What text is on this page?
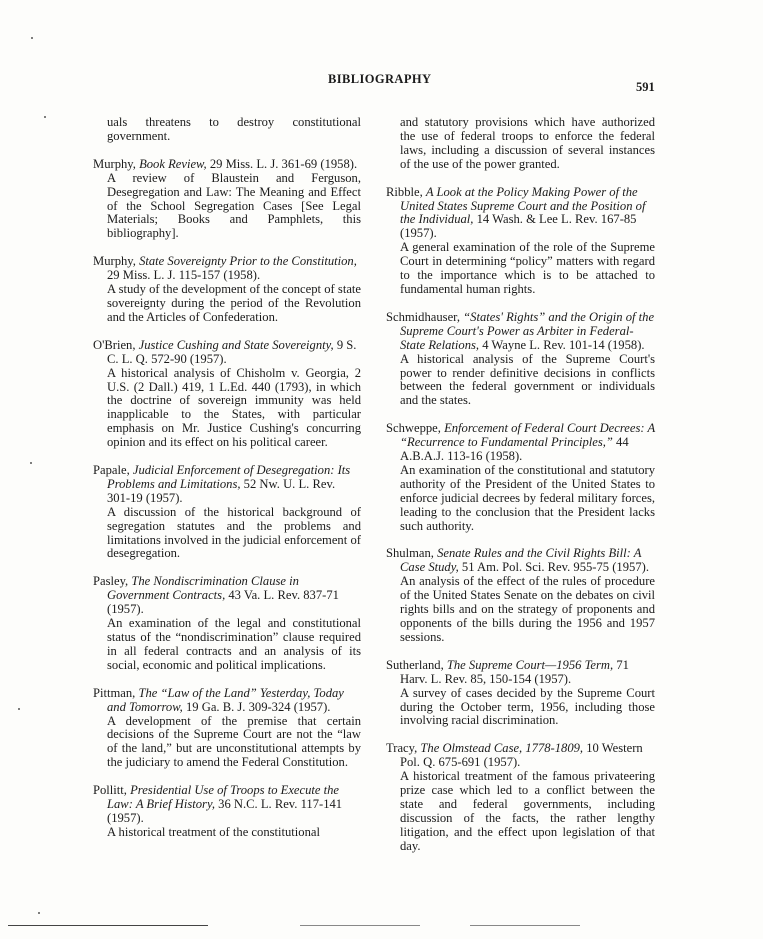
BIBLIOGRAPHY
591
uals threatens to destroy constitutional government.
Murphy, Book Review, 29 Miss. L. J. 361-69 (1958).
A review of Blaustein and Ferguson, Desegregation and Law: The Meaning and Effect of the School Segregation Cases [See Legal Materials; Books and Pamphlets, this bibliography].
Murphy, State Sovereignty Prior to the Constitution, 29 Miss. L. J. 115-157 (1958).
A study of the development of the concept of state sovereignty during the period of the Revolution and the Articles of Confederation.
O'Brien, Justice Cushing and State Sovereignty, 9 S. C. L. Q. 572-90 (1957).
A historical analysis of Chisholm v. Georgia, 2 U.S. (2 Dall.) 419, 1 L.Ed. 440 (1793), in which the doctrine of sovereign immunity was held inapplicable to the States, with particular emphasis on Mr. Justice Cushing's concurring opinion and its effect on his political career.
Papale, Judicial Enforcement of Desegregation: Its Problems and Limitations, 52 Nw. U. L. Rev. 301-19 (1957).
A discussion of the historical background of segregation statutes and the problems and limitations involved in the judicial enforcement of desegregation.
Pasley, The Nondiscrimination Clause in Government Contracts, 43 Va. L. Rev. 837-71 (1957).
An examination of the legal and constitutional status of the “nondiscrimination” clause required in all federal contracts and an analysis of its social, economic and political implications.
Pittman, The “Law of the Land” Yesterday, Today and Tomorrow, 19 Ga. B. J. 309-324 (1957).
A development of the premise that certain decisions of the Supreme Court are not the “law of the land,” but are unconstitutional attempts by the judiciary to amend the Federal Constitution.
Pollitt, Presidential Use of Troops to Execute the Law: A Brief History, 36 N.C. L. Rev. 117-141 (1957).
A historical treatment of the constitutional
and statutory provisions which have authorized the use of federal troops to enforce the federal laws, including a discussion of several instances of the use of the power granted.
Ribble, A Look at the Policy Making Power of the United States Supreme Court and the Position of the Individual, 14 Wash. & Lee L. Rev. 167-85 (1957).
A general examination of the role of the Supreme Court in determining “policy” matters with regard to the importance which is to be attached to fundamental human rights.
Schmidhauser, “States' Rights” and the Origin of the Supreme Court's Power as Arbiter in Federal-State Relations, 4 Wayne L. Rev. 101-14 (1958).
A historical analysis of the Supreme Court's power to render definitive decisions in conflicts between the federal government or individuals and the states.
Schweppe, Enforcement of Federal Court Decrees: A “Recurrence to Fundamental Principles,” 44 A.B.A.J. 113-16 (1958).
An examination of the constitutional and statutory authority of the President of the United States to enforce judicial decrees by federal military forces, leading to the conclusion that the President lacks such authority.
Shulman, Senate Rules and the Civil Rights Bill: A Case Study, 51 Am. Pol. Sci. Rev. 955-75 (1957).
An analysis of the effect of the rules of procedure of the United States Senate on the debates on civil rights bills and on the strategy of proponents and opponents of the bills during the 1956 and 1957 sessions.
Sutherland, The Supreme Court—1956 Term, 71 Harv. L. Rev. 85, 150-154 (1957).
A survey of cases decided by the Supreme Court during the October term, 1956, including those involving racial discrimination.
Tracy, The Olmstead Case, 1778-1809, 10 Western Pol. Q. 675-691 (1957).
A historical treatment of the famous privateering prize case which led to a conflict between the state and federal governments, including discussion of the facts, the rather lengthy litigation, and the effect upon legislation of that day.
